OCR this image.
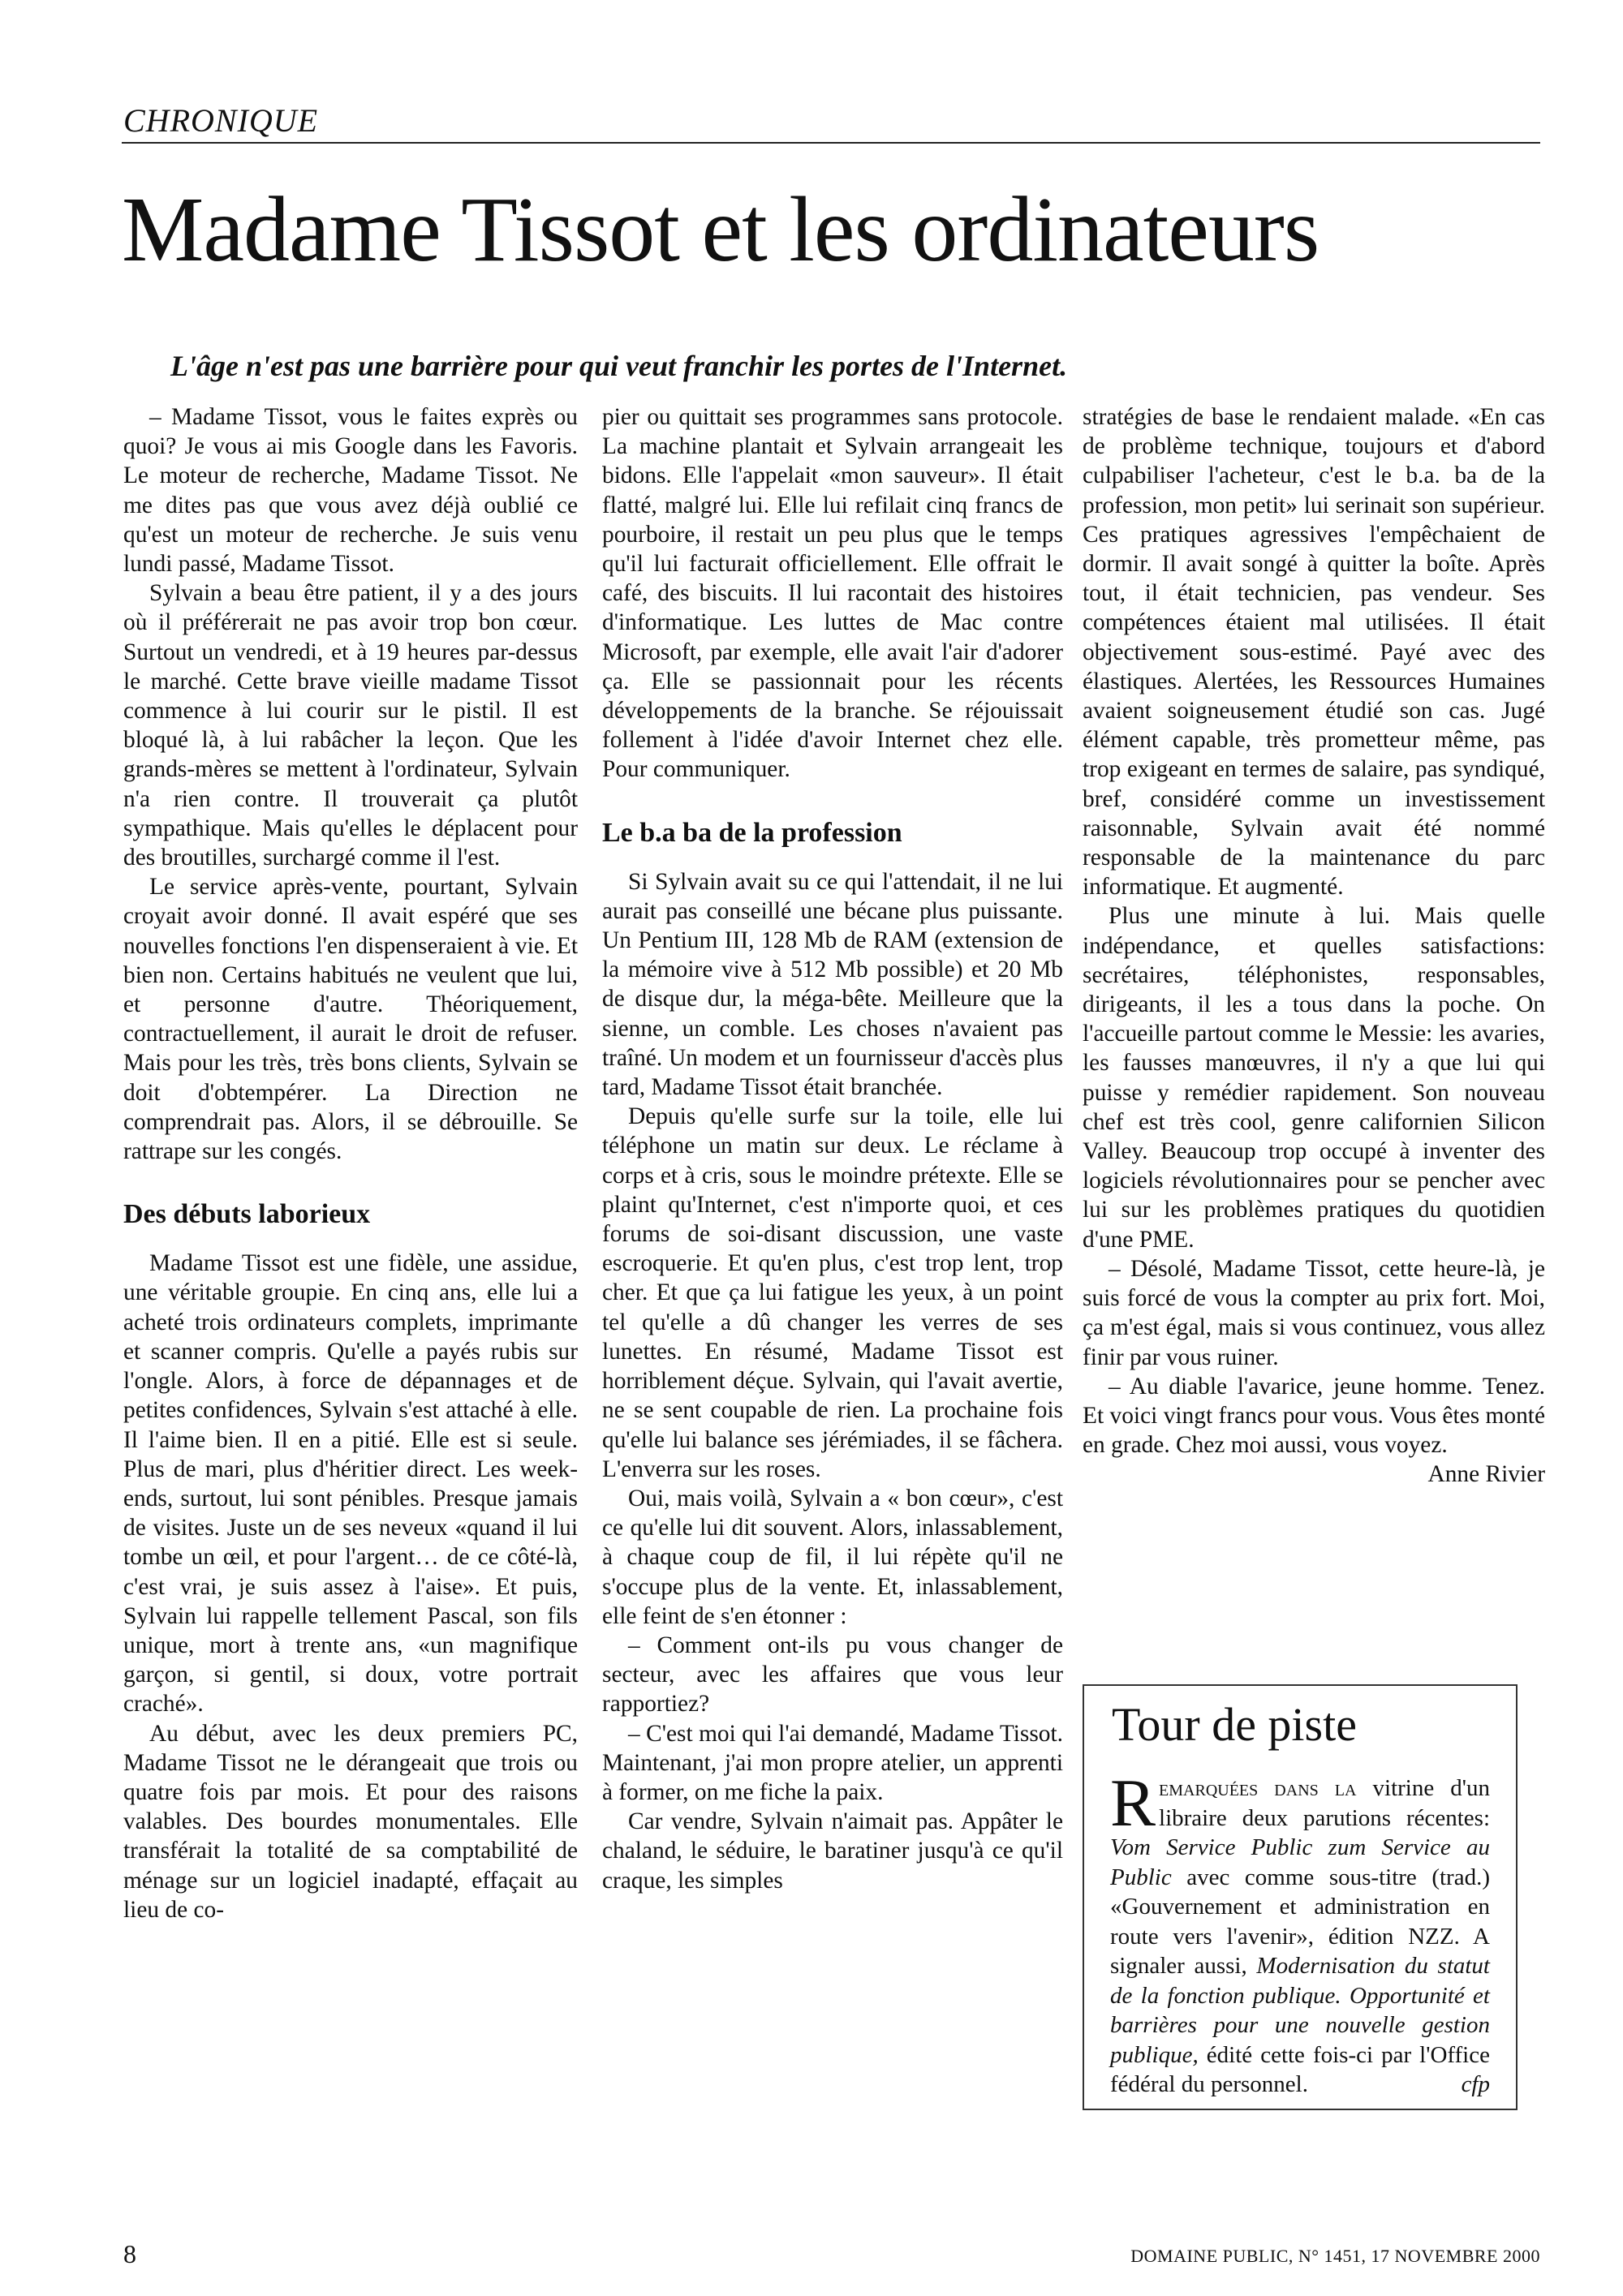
CHRONIQUE
Madame Tissot et les ordinateurs

L'âge n'est pas une barrière pour qui veut franchir les portes de l'Internet.

– Madame Tissot, vous le faites exprès ou quoi? Je vous ai mis Google dans les Favoris. Le moteur de recherche, Madame Tissot. Ne me dites pas que vous avez déjà oublié ce qu'est un moteur de recherche. Je suis venu lundi passé, Madame Tissot.

Sylvain a beau être patient, il y a des jours où il préférerait ne pas avoir trop bon cœur. Surtout un vendredi, et à 19 heures par-dessus le marché. Cette brave vieille madame Tissot commence à lui courir sur le pistil. Il est bloqué là, à lui rabâcher la leçon. Que les grands-mères se mettent à l'ordinateur, Sylvain n'a rien contre. Il trouverait ça plutôt sympathique. Mais qu'elles le déplacent pour des broutilles, surchargé comme il l'est.

Le service après-vente, pourtant, Sylvain croyait avoir donné. Il avait espéré que ses nouvelles fonctions l'en dispenseraient à vie. Et bien non. Certains habitués ne veulent que lui, et personne d'autre. Théoriquement, contractuellement, il aurait le droit de refuser. Mais pour les très, très bons clients, Sylvain se doit d'obtempérer. La Direction ne comprendrait pas. Alors, il se débrouille. Se rattrape sur les congés.

Des débuts laborieux

Madame Tissot est une fidèle, une assidue, une véritable groupie. En cinq ans, elle lui a acheté trois ordinateurs complets, imprimante et scanner compris. Qu'elle a payés rubis sur l'ongle. Alors, à force de dépannages et de petites confidences, Sylvain s'est attaché à elle. Il l'aime bien. Il en a pitié. Elle est si seule. Plus de mari, plus d'héritier direct. Les week-ends, surtout, lui sont pénibles. Presque jamais de visites. Juste un de ses neveux «quand il lui tombe un œil, et pour l'argent… de ce côté-là, c'est vrai, je suis assez à l'aise». Et puis, Sylvain lui rappelle tellement Pascal, son fils unique, mort à trente ans, «un magnifique garçon, si gentil, si doux, votre portrait craché».

Au début, avec les deux premiers PC, Madame Tissot ne le dérangeait que trois ou quatre fois par mois. Et pour des raisons valables. Des bourdes monumentales. Elle transférait la totalité de sa comptabilité de ménage sur un logiciel inadapté, effaçait au lieu de co-

pier ou quittait ses programmes sans protocole. La machine plantait et Sylvain arrangeait les bidons. Elle l'appelait «mon sauveur». Il était flatté, malgré lui. Elle lui refilait cinq francs de pourboire, il restait un peu plus que le temps qu'il lui facturait officiellement. Elle offrait le café, des biscuits. Il lui racontait des histoires d'informatique. Les luttes de Mac contre Microsoft, par exemple, elle avait l'air d'adorer ça. Elle se passionnait pour les récents développements de la branche. Se réjouissait follement à l'idée d'avoir Internet chez elle. Pour communiquer.

Le b.a ba de la profession

Si Sylvain avait su ce qui l'attendait, il ne lui aurait pas conseillé une bécane plus puissante. Un Pentium III, 128 Mb de RAM (extension de la mémoire vive à 512 Mb possible) et 20 Mb de disque dur, la méga-bête. Meilleure que la sienne, un comble. Les choses n'avaient pas traîné. Un modem et un fournisseur d'accès plus tard, Madame Tissot était branchée.

Depuis qu'elle surfe sur la toile, elle lui téléphone un matin sur deux. Le réclame à corps et à cris, sous le moindre prétexte. Elle se plaint qu'Internet, c'est n'importe quoi, et ces forums de soi-disant discussion, une vaste escroquerie. Et qu'en plus, c'est trop lent, trop cher. Et que ça lui fatigue les yeux, à un point tel qu'elle a dû changer les verres de ses lunettes. En résumé, Madame Tissot est horriblement déçue. Sylvain, qui l'avait avertie, ne se sent coupable de rien. La prochaine fois qu'elle lui balance ses jérémiades, il se fâchera. L'enverra sur les roses.

Oui, mais voilà, Sylvain a « bon cœur», c'est ce qu'elle lui dit souvent. Alors, inlassablement, à chaque coup de fil, il lui répète qu'il ne s'occupe plus de la vente. Et, inlassablement, elle feint de s'en étonner :

– Comment ont-ils pu vous changer de secteur, avec les affaires que vous leur rapportiez?

– C'est moi qui l'ai demandé, Madame Tissot. Maintenant, j'ai mon propre atelier, un apprenti à former, on me fiche la paix.

Car vendre, Sylvain n'aimait pas. Appâter le chaland, le séduire, le baratiner jusqu'à ce qu'il craque, les simples

stratégies de base le rendaient malade. «En cas de problème technique, toujours et d'abord culpabiliser l'acheteur, c'est le b.a. ba de la profession, mon petit» lui serinait son supérieur. Ces pratiques agressives l'empêchaient de dormir. Il avait songé à quitter la boîte. Après tout, il était technicien, pas vendeur. Ses compétences étaient mal utilisées. Il était objectivement sous-estimé. Payé avec des élastiques. Alertées, les Ressources Humaines avaient soigneusement étudié son cas. Jugé élément capable, très prometteur même, pas trop exigeant en termes de salaire, pas syndiqué, bref, considéré comme un investissement raisonnable, Sylvain avait été nommé responsable de la maintenance du parc informatique. Et augmenté.

Plus une minute à lui. Mais quelle indépendance, et quelles satisfactions: secrétaires, téléphonistes, responsables, dirigeants, il les a tous dans la poche. On l'accueille partout comme le Messie: les avaries, les fausses manœuvres, il n'y a que lui qui puisse y remédier rapidement. Son nouveau chef est très cool, genre californien Silicon Valley. Beaucoup trop occupé à inventer des logiciels révolutionnaires pour se pencher avec lui sur les problèmes pratiques du quotidien d'une PME.

– Désolé, Madame Tissot, cette heure-là, je suis forcé de vous la compter au prix fort. Moi, ça m'est égal, mais si vous continuez, vous allez finir par vous ruiner.

– Au diable l'avarice, jeune homme. Tenez. Et voici vingt francs pour vous. Vous êtes monté en grade. Chez moi aussi, vous voyez.
Anne Rivier

Tour de piste
Remarquées dans la vitrine d'un libraire deux parutions récentes: Vom Service Public zum Service au Public avec comme sous-titre (trad.) «Gouvernement et administration en route vers l'avenir», édition NZZ. A signaler aussi, Modernisation du statut de la fonction publique. Opportunité et barrières pour une nouvelle gestion publique, édité cette fois-ci par l'Office fédéral du personnel.	cfp
8	DOMAINE PUBLIC, N° 1451, 17 NOVEMBRE 2000
